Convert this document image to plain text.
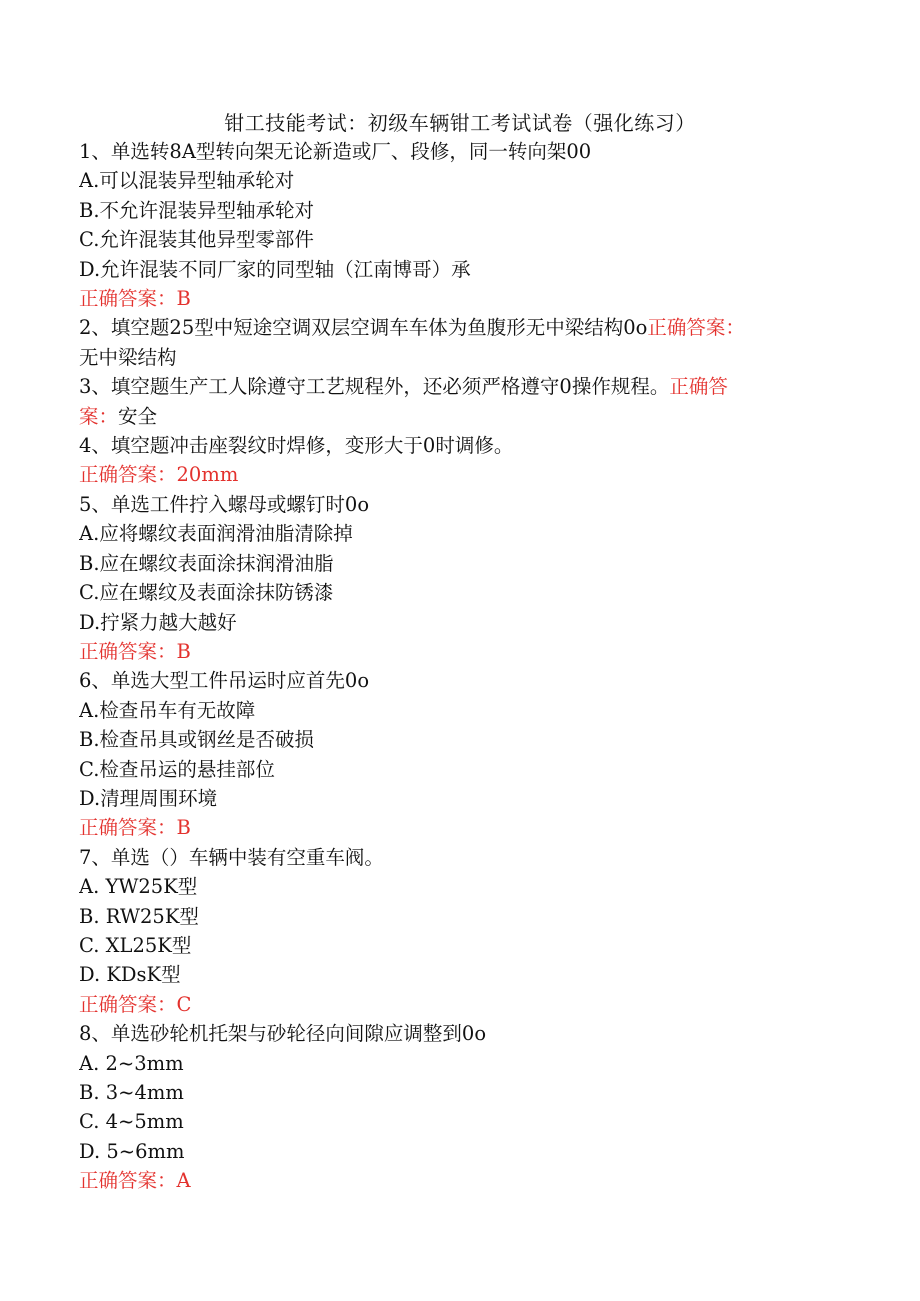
钳工技能考试：初级车辆钳工考试试卷（强化练习）
1、单选转8A型转向架无论新造或厂、段修，同一转向架00
A.可以混装异型轴承轮对
B.不允许混装异型轴承轮对
C.允许混装其他异型零部件
D.允许混装不同厂家的同型轴（江南博哥）承
正确答案：B
2、填空题25型中短途空调双层空调车车体为鱼腹形无中梁结构0o正确答案：
无中梁结构
3、填空题生产工人除遵守工艺规程外，还必须严格遵守0操作规程。正确答
案：安全
4、填空题冲击座裂纹时焊修，变形大于0时调修。
正确答案：20mm
5、单选工件拧入螺母或螺钉时0o
A.应将螺纹表面润滑油脂清除掉
B.应在螺纹表面涂抹润滑油脂
C.应在螺纹及表面涂抹防锈漆
D.拧紧力越大越好
正确答案：B
6、单选大型工件吊运时应首先0o
A.检查吊车有无故障
B.检查吊具或钢丝是否破损
C.检查吊运的悬挂部位
D.清理周围环境
正确答案：B
7、单选（）车辆中装有空重车阀。
A. YW25K型
B. RW25K型
C. XL25K型
D. KDsK型
正确答案：C
8、单选砂轮机托架与砂轮径向间隙应调整到0o
A. 2~3mm
B. 3~4mm
C. 4~5mm
D. 5~6mm
正确答案：A
